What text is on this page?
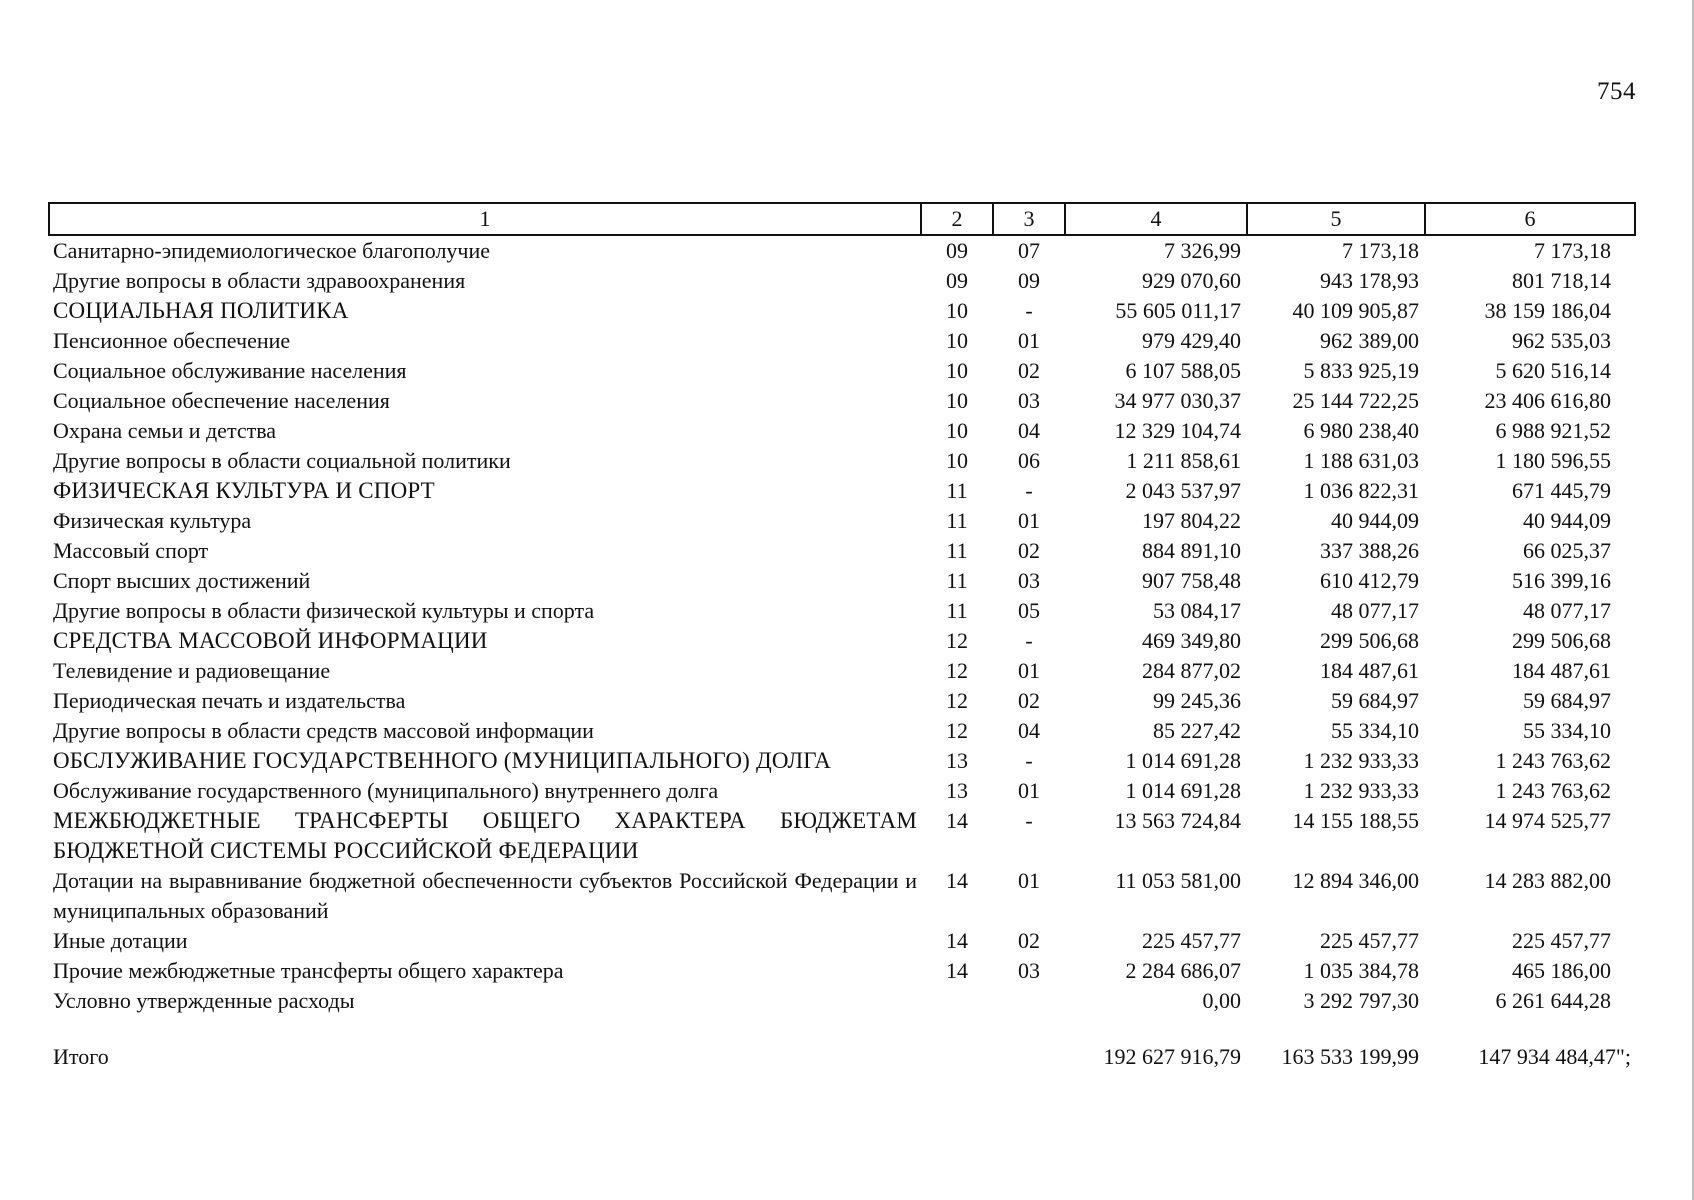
754
1	2	3	4	5	6
Санитарно-эпидемиологическое благополучие	09	07	7 326,99	7 173,18	7 173,18
Другие вопросы в области здравоохранения	09	09	929 070,60	943 178,93	801 718,14
СОЦИАЛЬНАЯ ПОЛИТИКА	10	-	55 605 011,17	40 109 905,87	38 159 186,04
Пенсионное обеспечение	10	01	979 429,40	962 389,00	962 535,03
Социальное обслуживание населения	10	02	6 107 588,05	5 833 925,19	5 620 516,14
Социальное обеспечение населения	10	03	34 977 030,37	25 144 722,25	23 406 616,80
Охрана семьи и детства	10	04	12 329 104,74	6 980 238,40	6 988 921,52
Другие вопросы в области социальной политики	10	06	1 211 858,61	1 188 631,03	1 180 596,55
ФИЗИЧЕСКАЯ КУЛЬТУРА И СПОРТ	11	-	2 043 537,97	1 036 822,31	671 445,79
Физическая культура	11	01	197 804,22	40 944,09	40 944,09
Массовый спорт	11	02	884 891,10	337 388,26	66 025,37
Спорт высших достижений	11	03	907 758,48	610 412,79	516 399,16
Другие вопросы в области физической культуры и спорта	11	05	53 084,17	48 077,17	48 077,17
СРЕДСТВА МАССОВОЙ ИНФОРМАЦИИ	12	-	469 349,80	299 506,68	299 506,68
Телевидение и радиовещание	12	01	284 877,02	184 487,61	184 487,61
Периодическая печать и издательства	12	02	99 245,36	59 684,97	59 684,97
Другие вопросы в области средств массовой информации	12	04	85 227,42	55 334,10	55 334,10
ОБСЛУЖИВАНИЕ ГОСУДАРСТВЕННОГО (МУНИЦИПАЛЬНОГО) ДОЛГА	13	-	1 014 691,28	1 232 933,33	1 243 763,62
Обслуживание государственного (муниципального) внутреннего долга	13	01	1 014 691,28	1 232 933,33	1 243 763,62
МЕЖБЮДЖЕТНЫЕ ТРАНСФЕРТЫ ОБЩЕГО ХАРАКТЕРА БЮДЖЕТАМ БЮДЖЕТНОЙ СИСТЕМЫ РОССИЙСКОЙ ФЕДЕРАЦИИ	14	-	13 563 724,84	14 155 188,55	14 974 525,77
Дотации на выравнивание бюджетной обеспеченности субъектов Российской Федерации и муниципальных образований	14	01	11 053 581,00	12 894 346,00	14 283 882,00
Иные дотации	14	02	225 457,77	225 457,77	225 457,77
Прочие межбюджетные трансферты общего характера	14	03	2 284 686,07	1 035 384,78	465 186,00
Условно утвержденные расходы			0,00	3 292 797,30	6 261 644,28

Итого			192 627 916,79	163 533 199,99	147 934 484,47";
